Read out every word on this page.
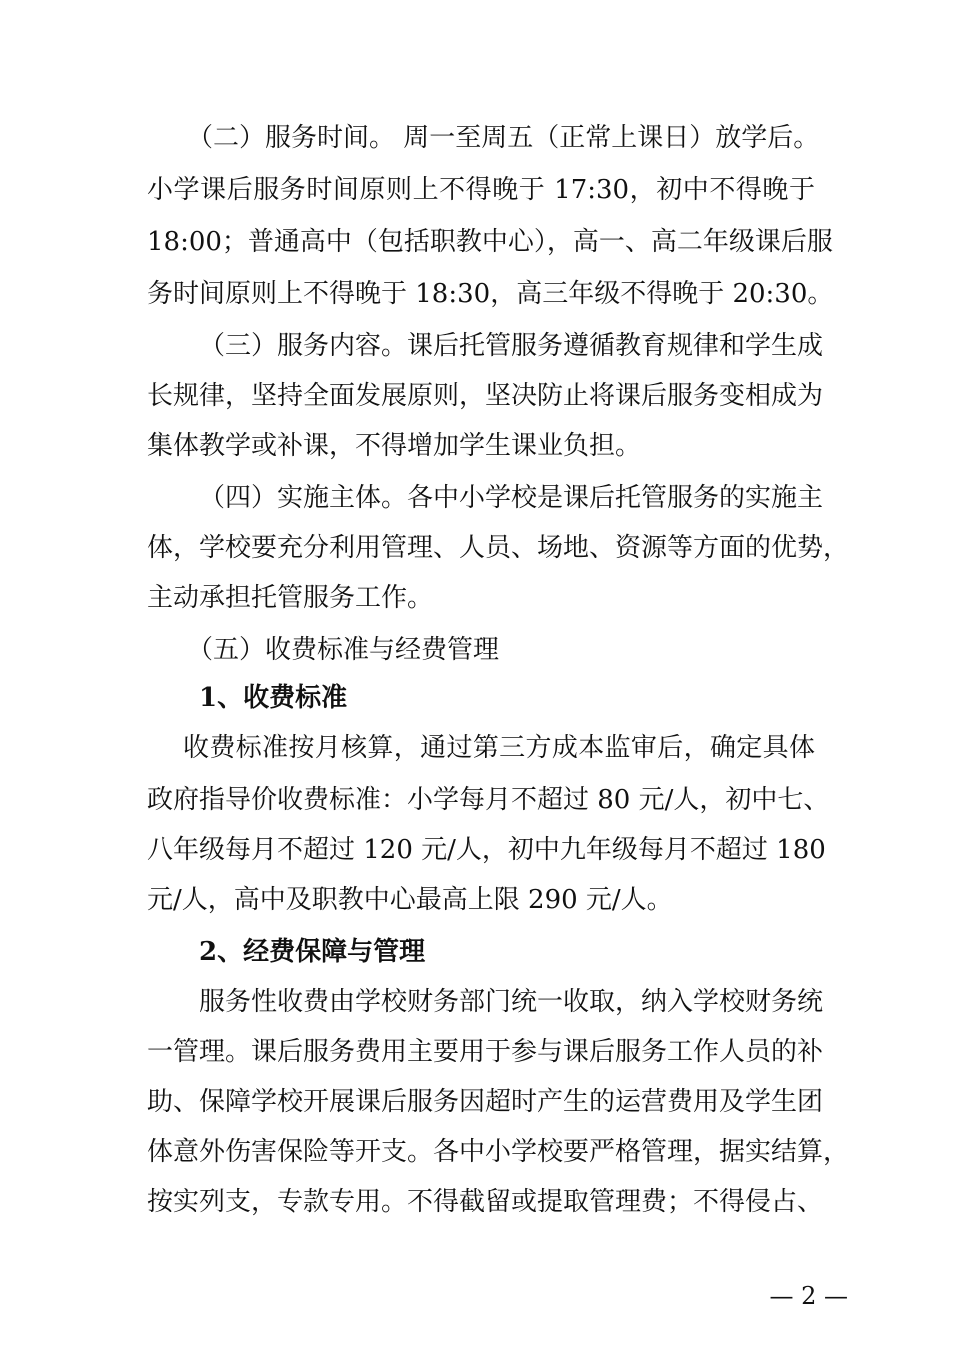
（二）服务时间。 周一至周五（正常上课日）放学后。
小学课后服务时间原则上不得晚于 17:30，初中不得晚于
18:00；普通高中（包括职教中心），高一、高二年级课后服
务时间原则上不得晚于 18:30，高三年级不得晚于 20:30。
（三）服务内容。课后托管服务遵循教育规律和学生成
长规律，坚持全面发展原则，坚决防止将课后服务变相成为
集体教学或补课，不得增加学生课业负担。
（四）实施主体。各中小学校是课后托管服务的实施主
体，学校要充分利用管理、人员、场地、资源等方面的优势，
主动承担托管服务工作。
（五）收费标准与经费管理
1、收费标准
收费标准按月核算，通过第三方成本监审后，确定具体
政府指导价收费标准：小学每月不超过 80 元/人，初中七、
八年级每月不超过 120 元/人，初中九年级每月不超过 180
元/人，高中及职教中心最高上限 290 元/人。
2、经费保障与管理
服务性收费由学校财务部门统一收取，纳入学校财务统
一管理。课后服务费用主要用于参与课后服务工作人员的补
助、保障学校开展课后服务因超时产生的运营费用及学生团
体意外伤害保险等开支。各中小学校要严格管理，据实结算，
按实列支，专款专用。不得截留或提取管理费；不得侵占、
— 2 —
